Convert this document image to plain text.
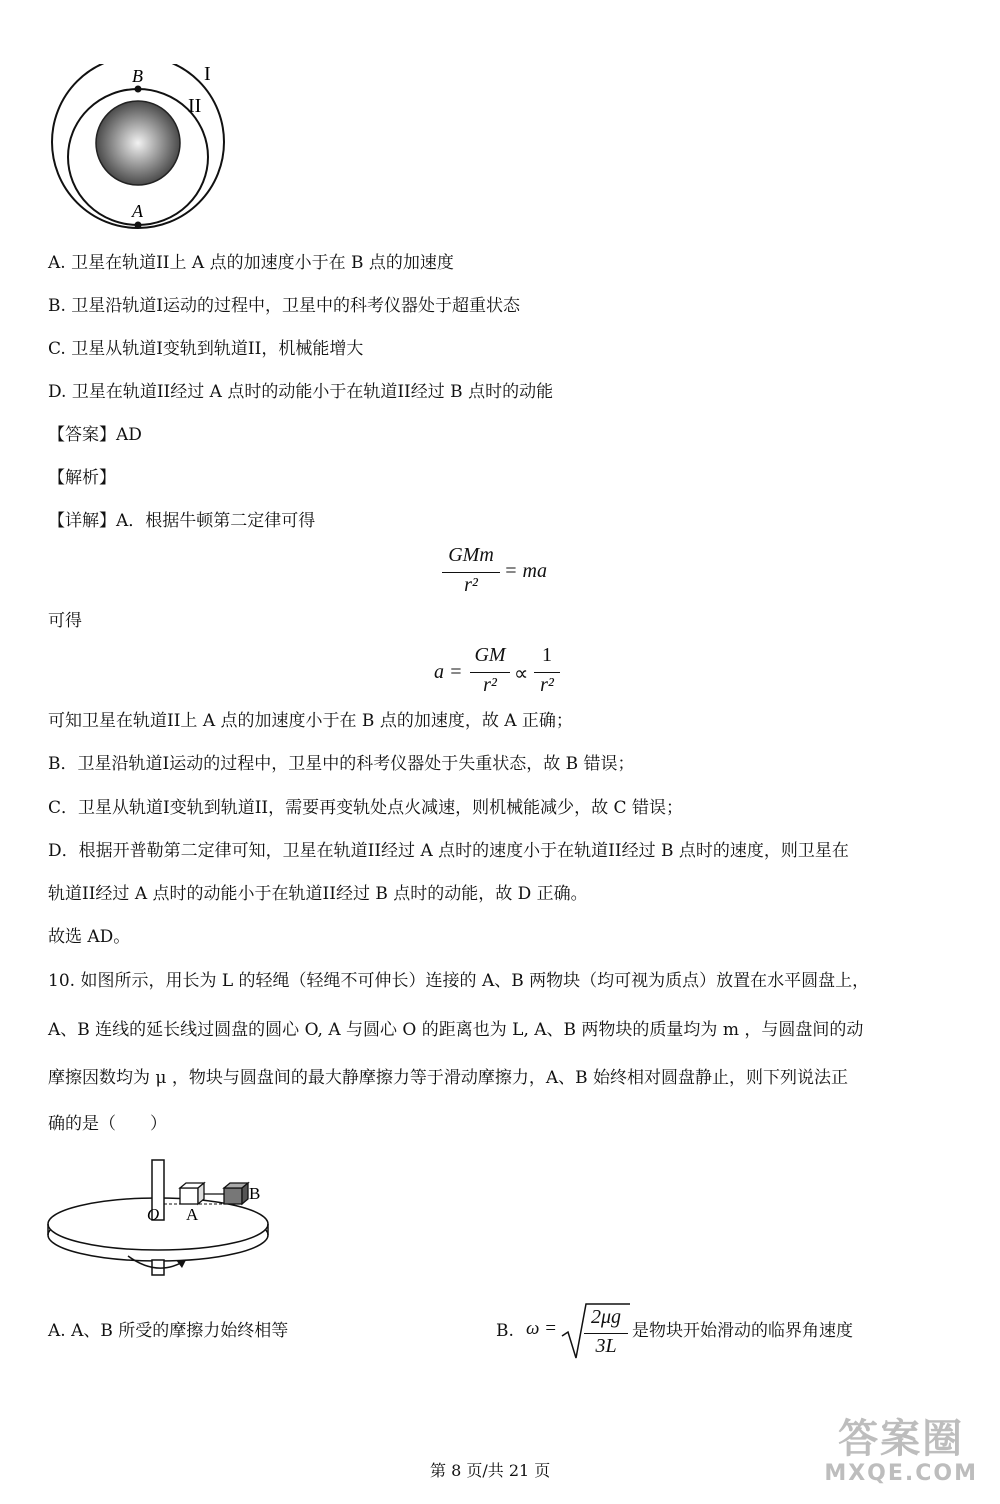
B
A
I
II
A. 卫星在轨道II上 A 点的加速度小于在 B 点的加速度
B. 卫星沿轨道I运动的过程中，卫星中的科考仪器处于超重状态
C. 卫星从轨道I变轨到轨道II，机械能增大
D. 卫星在轨道II经过 A 点时的动能小于在轨道II经过 B 点时的动能
【答案】AD
【解析】
【详解】A．根据牛顿第二定律可得
GMm
r²
= ma
可得
a =
GM
r² ∝
1
r²
可知卫星在轨道II上 A 点的加速度小于在 B 点的加速度，故 A 正确；
B．卫星沿轨道I运动的过程中，卫星中的科考仪器处于失重状态，故 B 错误；
C．卫星从轨道I变轨到轨道II，需要再变轨处点火减速，则机械能减少，故 C 错误；
D．根据开普勒第二定律可知，卫星在轨道II经过 A 点时的速度小于在轨道II经过 B 点时的速度，则卫星在
轨道II经过 A 点时的动能小于在轨道II经过 B 点时的动能，故 D 正确。
故选 AD。
10. 如图所示，用长为 L 的轻绳（轻绳不可伸长）连接的 A、B 两物块（均可视为质点）放置在水平圆盘上，
A、B 连线的延长线过圆盘的圆心 O, A 与圆心 O 的距离也为 L, A、B 两物块的质量均为 m ，与圆盘间的动
摩擦因数均为 μ ，物块与圆盘间的最大静摩擦力等于滑动摩擦力，A、B 始终相对圆盘静止，则下列说法正
确的是（　　）
O A
B
A. A、B 所受的摩擦力始终相等	B. ω =
2μg
3L
是物块开始滑动的临界角速度
第 8 页/共 21 页
答案圈
MXQE.COM
